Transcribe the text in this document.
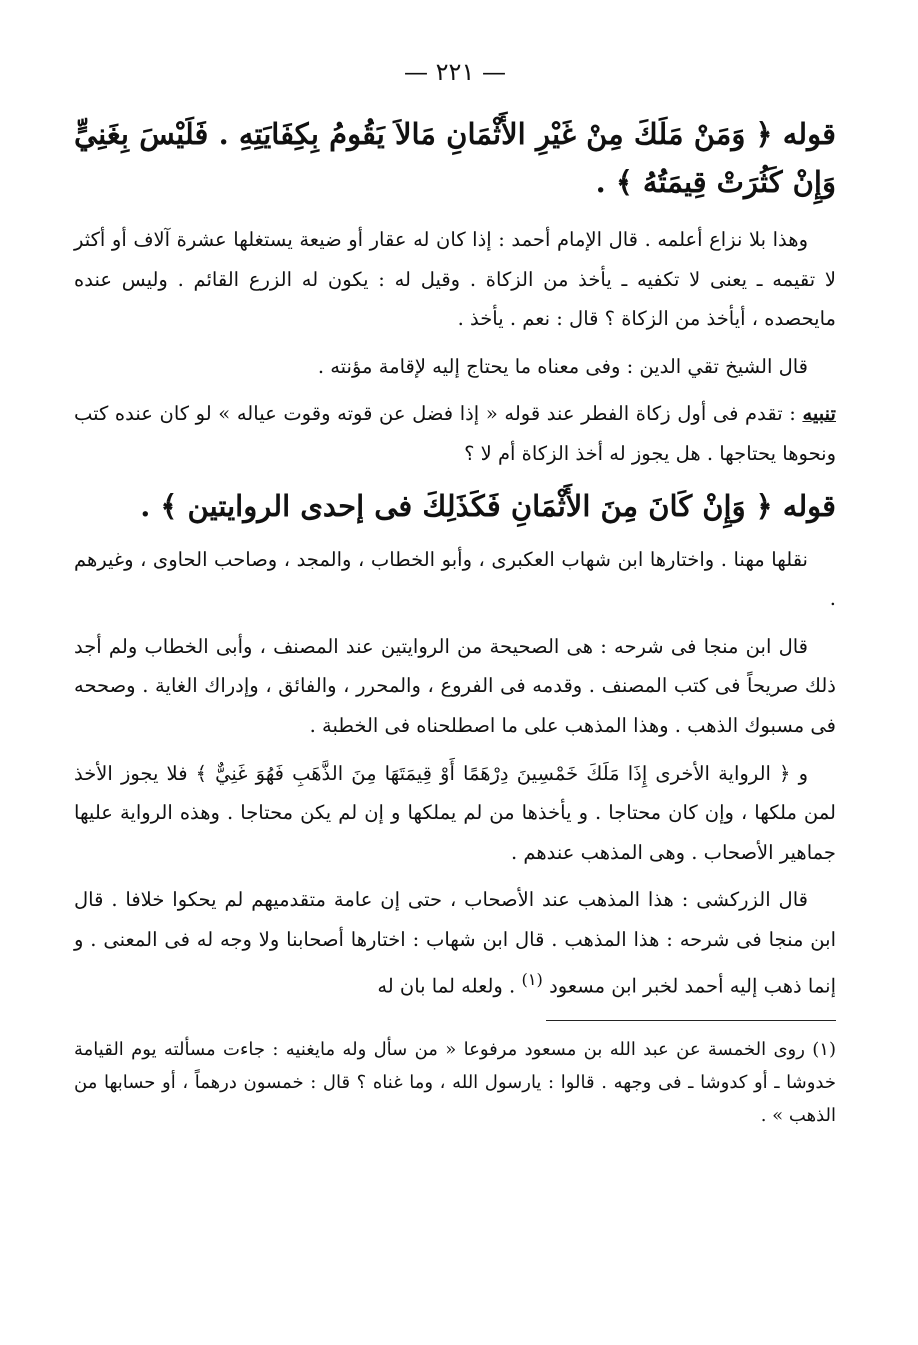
— ٢٢١ —

قوله ﴿ وَمَنْ مَلَكَ مِنْ غَيْرِ الأَثْمَانِ مَالاَ يَقُومُ بِكِفَايَتِهِ . فَلَيْسَ بِغَنِيٍّ وَإِنْ كَثُرَتْ قِيمَتُهُ ﴾ .

وهذا بلا نزاع أعلمه . قال الإمام أحمد : إذا كان له عقار أو ضيعة يستغلها عشرة آلاف أو أكثر لا تقيمه ـ يعنى لا تكفيه ـ يأخذ من الزكاة . وقيل له : يكون له الزرع القائم . وليس عنده مايحصده ، أيأخذ من الزكاة ؟ قال : نعم . يأخذ .

قال الشيخ تقي الدين : وفى معناه ما يحتاج إليه لإقامة مؤنته .

تنبيه : تقدم فى أول زكاة الفطر عند قوله « إذا فضل عن قوته وقوت عياله » لو كان عنده كتب ونحوها يحتاجها . هل يجوز له أخذ الزكاة أم لا ؟

قوله ﴿ وَإِنْ كَانَ مِنَ الأَثْمَانِ فَكَذَلِكَ فى إحدى الروايتين ﴾ .

نقلها مهنا . واختارها ابن شهاب العكبرى ، وأبو الخطاب ، والمجد ، وصاحب الحاوى ، وغيرهم .

قال ابن منجا فى شرحه : هى الصحيحة من الروايتين عند المصنف ، وأبى الخطاب ولم أجد ذلك صريحاً فى كتب المصنف . وقدمه فى الفروع ، والمحرر ، والفائق ، وإدراك الغاية . وصححه فى مسبوك الذهب . وهذا المذهب على ما اصطلحناه فى الخطبة .

و ﴿ الرواية الأخرى إِذَا مَلَكَ خَمْسِينَ دِرْهَمًا أَوْ قِيمَتَهَا مِنَ الذَّهَبِ فَهُوَ غَنِيٌّ ﴾ فلا يجوز الأخذ لمن ملكها ، وإن كان محتاجا . و يأخذها من لم يملكها و إن لم يكن محتاجا . وهذه الرواية عليها جماهير الأصحاب . وهى المذهب عندهم .

قال الزركشى : هذا المذهب عند الأصحاب ، حتى إن عامة متقدميهم لم يحكوا خلافا . قال ابن منجا فى شرحه : هذا المذهب . قال ابن شهاب : اختارها أصحابنا ولا وجه له فى المعنى . و إنما ذهب إليه أحمد لخبر ابن مسعود $^{(١)}$ . ولعله لما بان له

(١) روى الخمسة عن عبد الله بن مسعود مرفوعا « من سأل وله مايغنيه : جاءت مسألته يوم القيامة خدوشا ـ أو كدوشا ـ فى وجهه . قالوا : يارسول الله ، وما غناه ؟ قال : خمسون درهماً ، أو حسابها من الذهب » .
